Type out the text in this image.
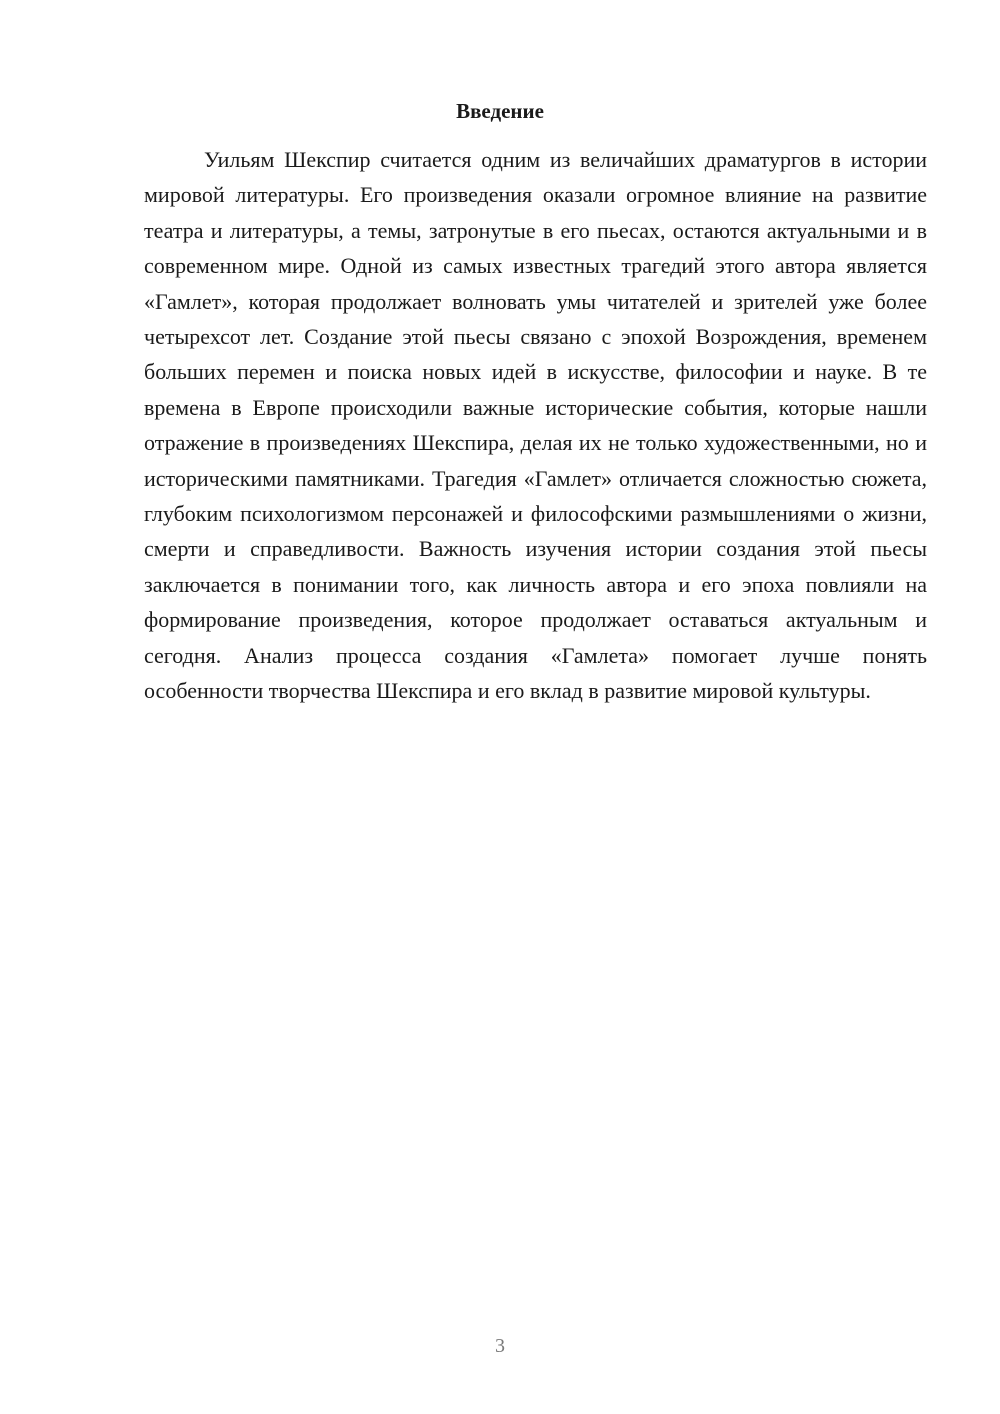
Введение

Уильям Шекспир считается одним из величайших драматургов в истории мировой литературы. Его произведения оказали огромное влияние на развитие театра и литературы, а темы, затронутые в его пьесах, остаются актуальными и в современном мире. Одной из самых известных трагедий этого автора является «Гамлет», которая продолжает волновать умы читателей и зрителей уже более четырехсот лет. Создание этой пьесы связано с эпохой Возрождения, временем больших перемен и поиска новых идей в искусстве, философии и науке. В те времена в Европе происходили важные исторические события, которые нашли отражение в произведениях Шекспира, делая их не только художественными, но и историческими памятниками. Трагедия «Гамлет» отличается сложностью сюжета, глубоким психологизмом персонажей и философскими размышлениями о жизни, смерти и справедливости. Важность изучения истории создания этой пьесы заключается в понимании того, как личность автора и его эпоха повлияли на формирование произведения, которое продолжает оставаться актуальным и сегодня. Анализ процесса создания «Гамлета» помогает лучше понять особенности творчества Шекспира и его вклад в развитие мировой культуры.

3
